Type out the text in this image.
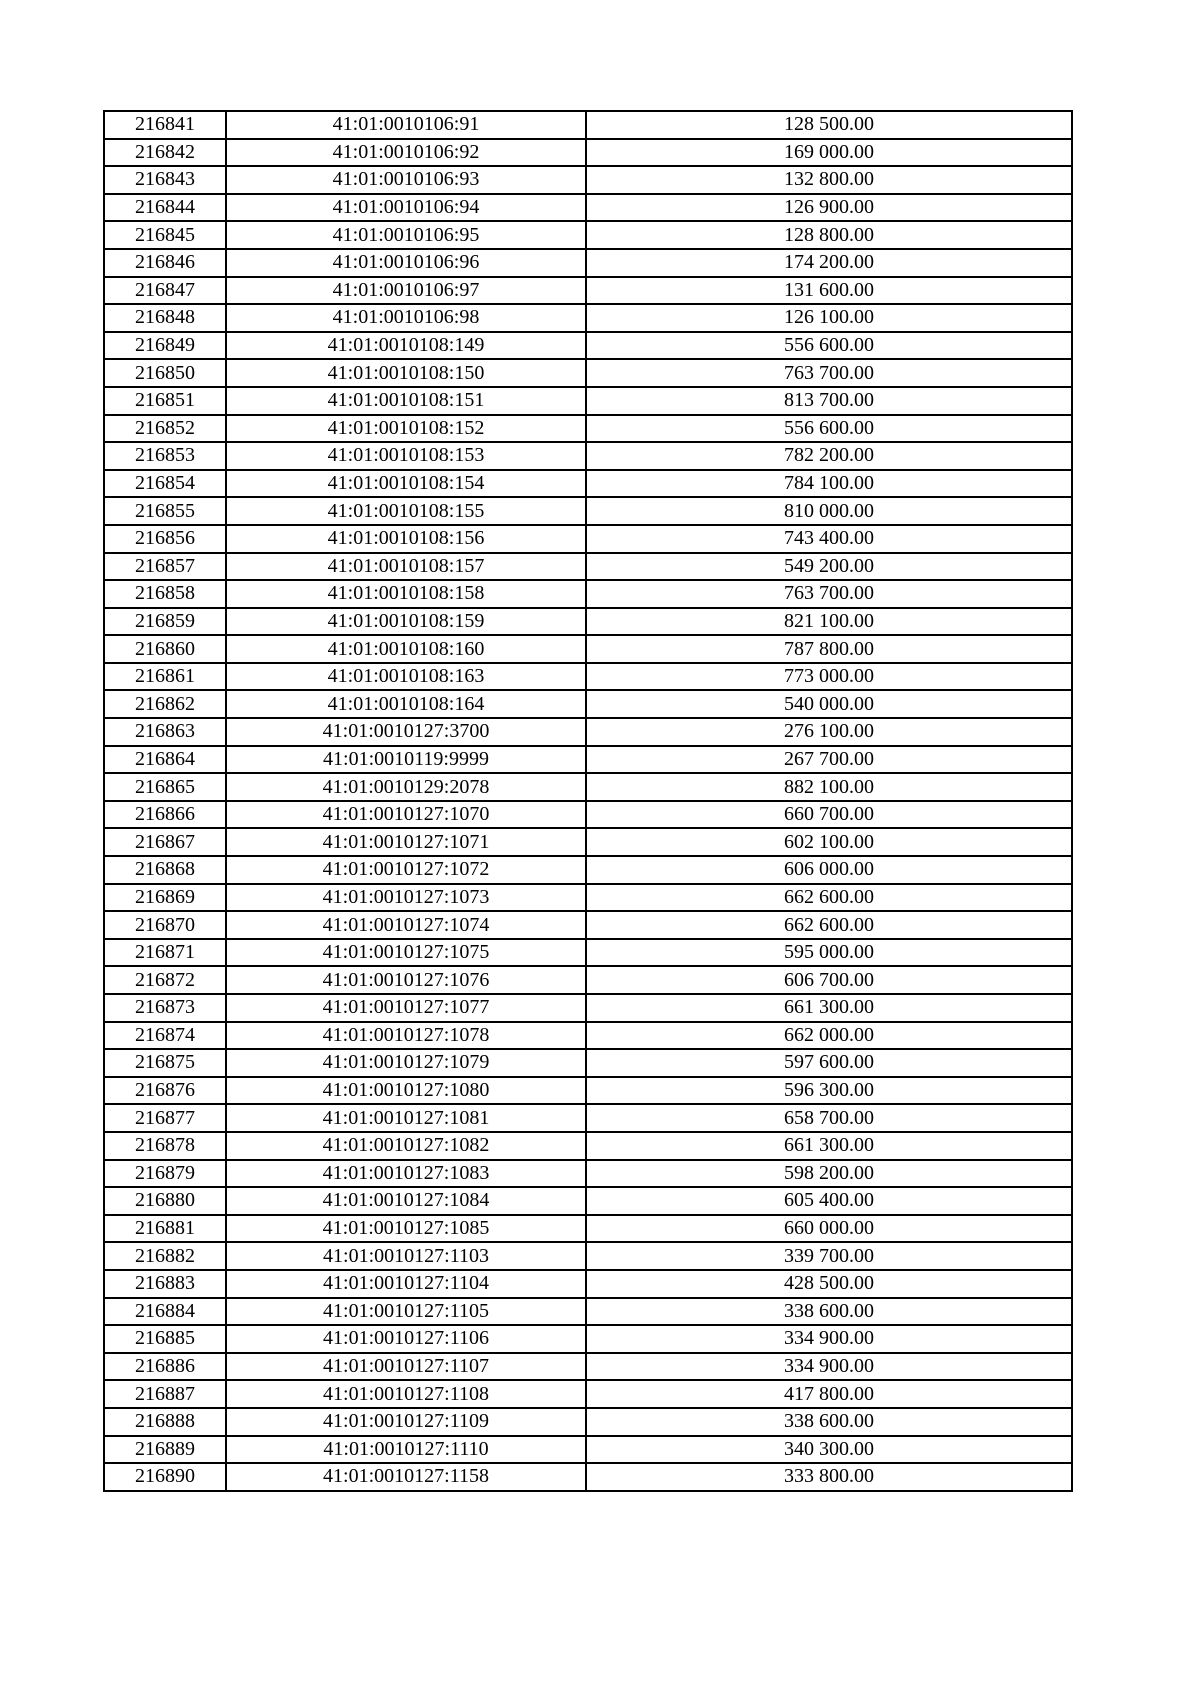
216841	41:01:0010106:91	128 500.00
216842	41:01:0010106:92	169 000.00
216843	41:01:0010106:93	132 800.00
216844	41:01:0010106:94	126 900.00
216845	41:01:0010106:95	128 800.00
216846	41:01:0010106:96	174 200.00
216847	41:01:0010106:97	131 600.00
216848	41:01:0010106:98	126 100.00
216849	41:01:0010108:149	556 600.00
216850	41:01:0010108:150	763 700.00
216851	41:01:0010108:151	813 700.00
216852	41:01:0010108:152	556 600.00
216853	41:01:0010108:153	782 200.00
216854	41:01:0010108:154	784 100.00
216855	41:01:0010108:155	810 000.00
216856	41:01:0010108:156	743 400.00
216857	41:01:0010108:157	549 200.00
216858	41:01:0010108:158	763 700.00
216859	41:01:0010108:159	821 100.00
216860	41:01:0010108:160	787 800.00
216861	41:01:0010108:163	773 000.00
216862	41:01:0010108:164	540 000.00
216863	41:01:0010127:3700	276 100.00
216864	41:01:0010119:9999	267 700.00
216865	41:01:0010129:2078	882 100.00
216866	41:01:0010127:1070	660 700.00
216867	41:01:0010127:1071	602 100.00
216868	41:01:0010127:1072	606 000.00
216869	41:01:0010127:1073	662 600.00
216870	41:01:0010127:1074	662 600.00
216871	41:01:0010127:1075	595 000.00
216872	41:01:0010127:1076	606 700.00
216873	41:01:0010127:1077	661 300.00
216874	41:01:0010127:1078	662 000.00
216875	41:01:0010127:1079	597 600.00
216876	41:01:0010127:1080	596 300.00
216877	41:01:0010127:1081	658 700.00
216878	41:01:0010127:1082	661 300.00
216879	41:01:0010127:1083	598 200.00
216880	41:01:0010127:1084	605 400.00
216881	41:01:0010127:1085	660 000.00
216882	41:01:0010127:1103	339 700.00
216883	41:01:0010127:1104	428 500.00
216884	41:01:0010127:1105	338 600.00
216885	41:01:0010127:1106	334 900.00
216886	41:01:0010127:1107	334 900.00
216887	41:01:0010127:1108	417 800.00
216888	41:01:0010127:1109	338 600.00
216889	41:01:0010127:1110	340 300.00
216890	41:01:0010127:1158	333 800.00
